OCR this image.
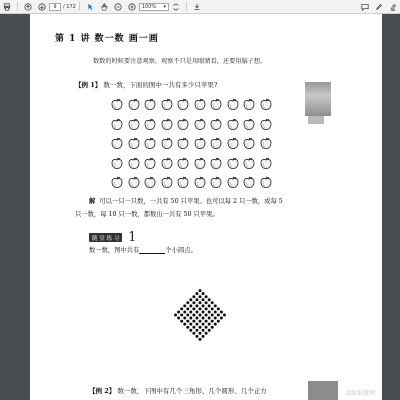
9 / 172	100% ▾
第 1 讲 数一数 画一画
数数的时候要注意观察，观察不只是用眼睛看，还要用脑子想。
【例 1】 数一数，下面的图中一共有多少只苹果?
解 可以一只一只数，一共有 50 只苹果。也可以每 2 只一数，或每 5
只一数，每 10 只一数，都数出一共有 50 只苹果。
随 堂 练 习 1
数一数，图中共有	个小圆点。
【例 2】 数一数，下图中有几个三角形、几个圆形、几个正方	金鲸识微网
